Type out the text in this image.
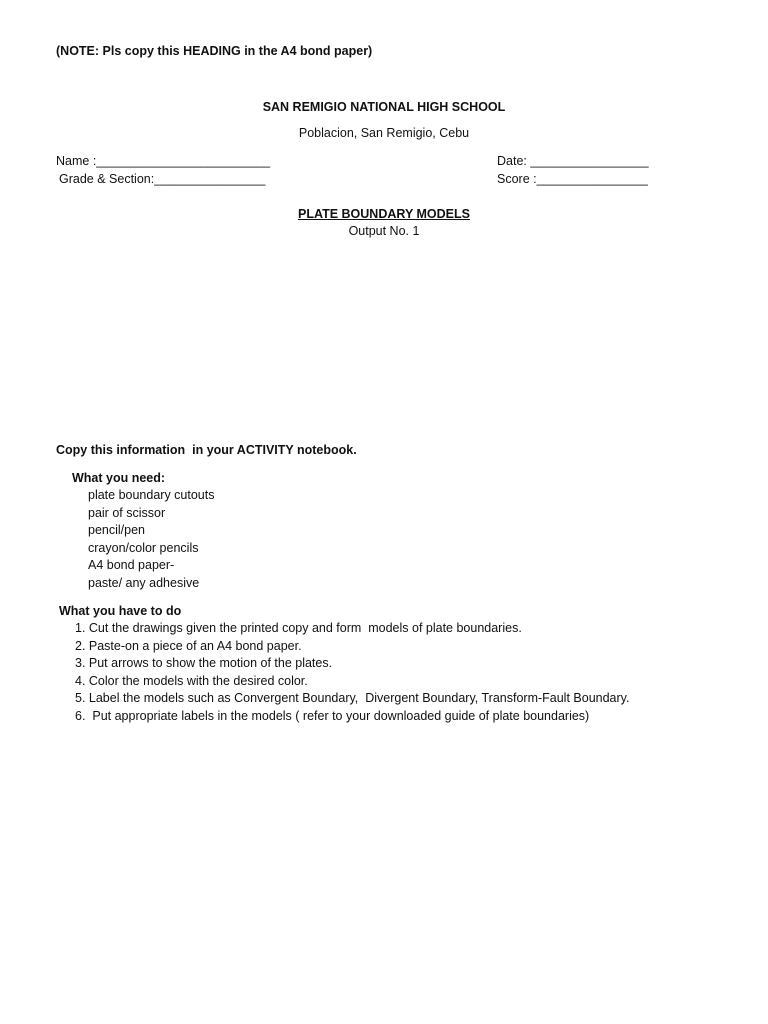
(NOTE: Pls copy this HEADING in the A4 bond paper)
SAN REMIGIO NATIONAL HIGH SCHOOL
Poblacion, San Remigio, Cebu
Name :_________________________	Date: _________________
Grade & Section:________________	Score :________________
PLATE BOUNDARY MODELS
Output No. 1
Copy this information  in your ACTIVITY notebook.
What you need:
plate boundary cutouts
pair of scissor
pencil/pen
crayon/color pencils
A4 bond paper-
paste/ any adhesive
What you have to do
1. Cut the drawings given the printed copy and form  models of plate boundaries.
2. Paste-on a piece of an A4 bond paper.
3. Put arrows to show the motion of the plates.
4. Color the models with the desired color.
5. Label the models such as Convergent Boundary,  Divergent Boundary, Transform-Fault Boundary.
6.  Put appropriate labels in the models ( refer to your downloaded guide of plate boundaries)
